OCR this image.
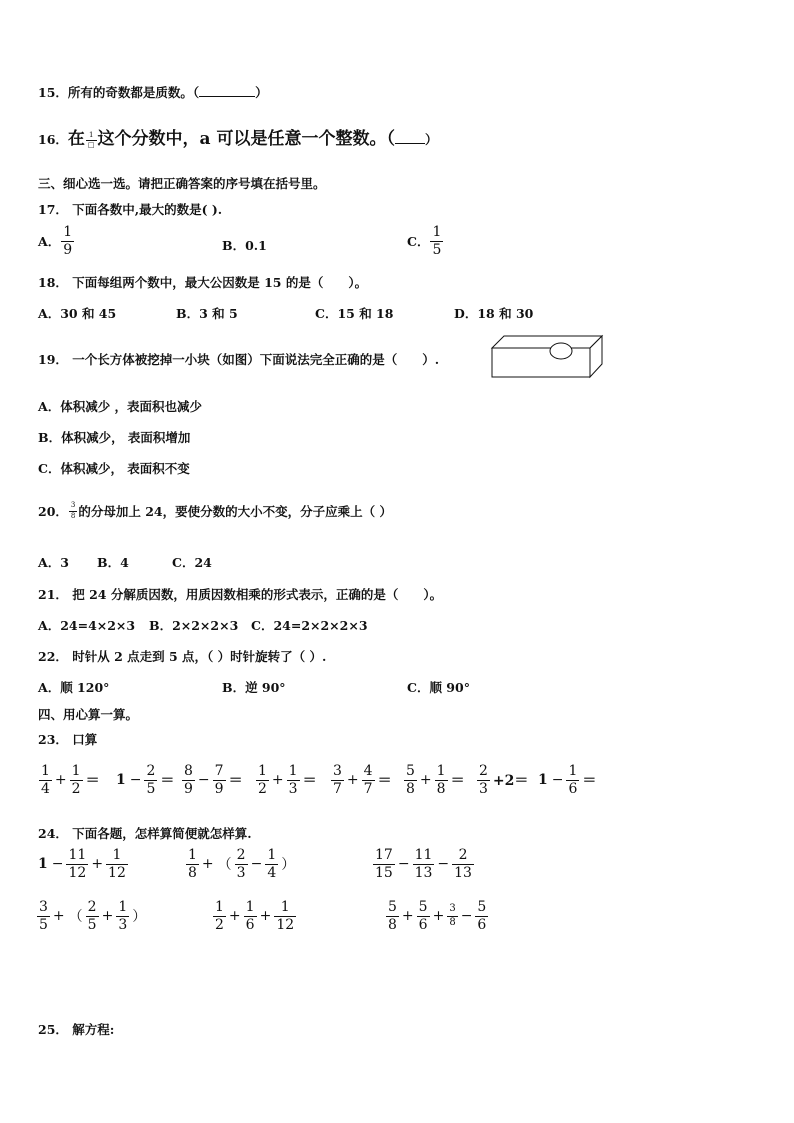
15．所有的奇数都是质数。（	）
16．在 $\frac{1}{□}$ 这个分数中，a 可以是任意一个整数。（ ）
三、细心选一选。请把正确答案的序号填在括号里。
17． 下面各数中,最大的数是( ).
A． $\frac{1}{9}$	B．0.1	C． $\frac{1}{5}$
18． 下面每组两个数中，最大公因数是 15 的是（　　）。
A．30 和 45	B．3 和 5	C．15 和 18	D．18 和 30
19． 一个长方体被挖掉一小块（如图）下面说法完全正确的是（　　）.
A．体积减少 ，表面积也减少
B．体积减少， 表面积增加
C．体积减少， 表面积不变
20． $\frac{3}{8}$ 的分母加上 24，要使分数的大小不变，分子应乘上（ ）
A．3 B．4	C．24
21． 把 24 分解质因数，用质因数相乘的形式表示，正确的是（　　）。
A．24=4×2×3 B．2×2×2×3 C．24=2×2×2×3
22． 时针从 2 点走到 5 点，（ ）时针旋转了（ ）.
A．顺 120°	B．逆 90°	C．顺 90°
四、用心算一算。
23． 口算
$\frac{1}{4} + \frac{1}{2} = 1 - \frac{2}{5} = \frac{8}{9} - \frac{7}{9} = \frac{1}{2} + \frac{1}{3} = \frac{3}{7} + \frac{4}{7} = \frac{5}{8} + \frac{1}{8} = \frac{2}{3} +2= 1 - \frac{1}{6}$ ＝
24． 下面各题，怎样算简便就怎样算.
$1 - \frac{11}{12} + \frac{1}{12}$	$\frac{1}{8}$ + （ $\frac{2}{3} - \frac{1}{4}$ ）	$\frac{17}{15} - \frac{11}{13} - \frac{2}{13}$
$\frac{3}{5}$ + （ $\frac{2}{5} + \frac{1}{3}$ ）	$\frac{1}{2} + \frac{1}{6} + \frac{1}{12}$	$\frac{5}{8} + \frac{5}{6} + \frac{3}{8} - \frac{5}{6}$
25． 解方程:
